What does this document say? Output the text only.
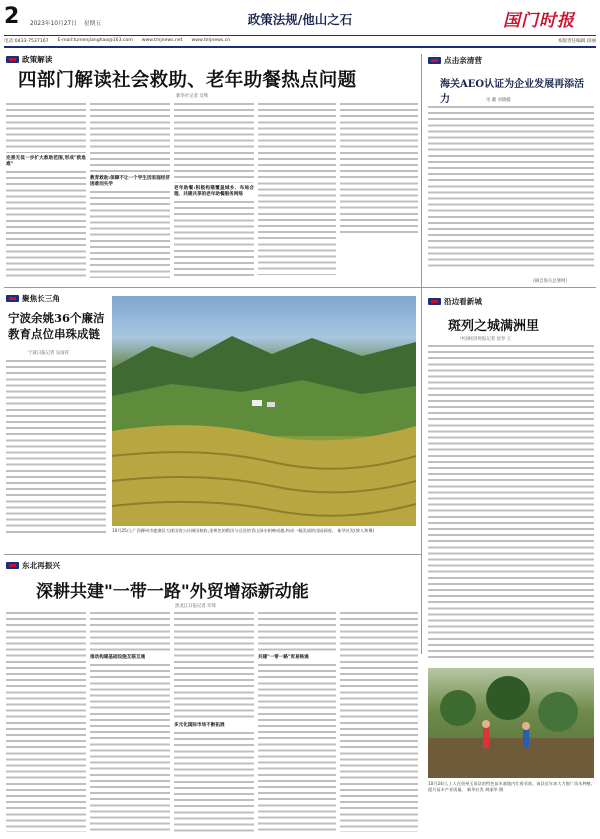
2 2023年10月27日 星期五	政策法规/他山之石	国门时报
电话:0433-7537167 E-mail:tumenjianghao@163.com www.tmjnews.net www.tmjnews.cn	本版责任编辑 段丽
政策解读
四部门解读社会救助、老年助餐热点问题
新华社记者 吴隽
完善无低一步扩大救助范围,形成"救急难"
教育救助:保障不让一个学生因家庭经济困难而失学
老年助餐:积极构建覆盖城乡、布局合理、共建共享的老年助餐服务网络
点击亲清营
海关AEO认证为企业发展再添活力	见 戴 刘晓媛
(摘自海关总署网)
聚焦长三角
宁波余姚36个廉洁
教育点位串珠成链
宁波日报记者 吴雨萍
10月25日,广西柳州市鹿寨县大排田湾公社梯田秋收,金黄色的稻田与远处的青山绿水相映成趣,构成一幅美丽的田园画卷。 新华社发(黎人和摄)
沿边看新城
斑列之城满洲里
中国经济时报记者 沈寿 王
东北再振兴
深耕共建"一带一路"外贸增添新动能
黑龙江日报记者 许琦
推动构建基础设施互联互通
多元化国际市场不断拓展
共建"一带一路"贸易畅通
10月24日,工人在贵州玉屏县的特色苗木基地内忙着采收。该县近年来大力推广苗木种植,提升苗木产业质量。 新华社发 胡丽华 摄
